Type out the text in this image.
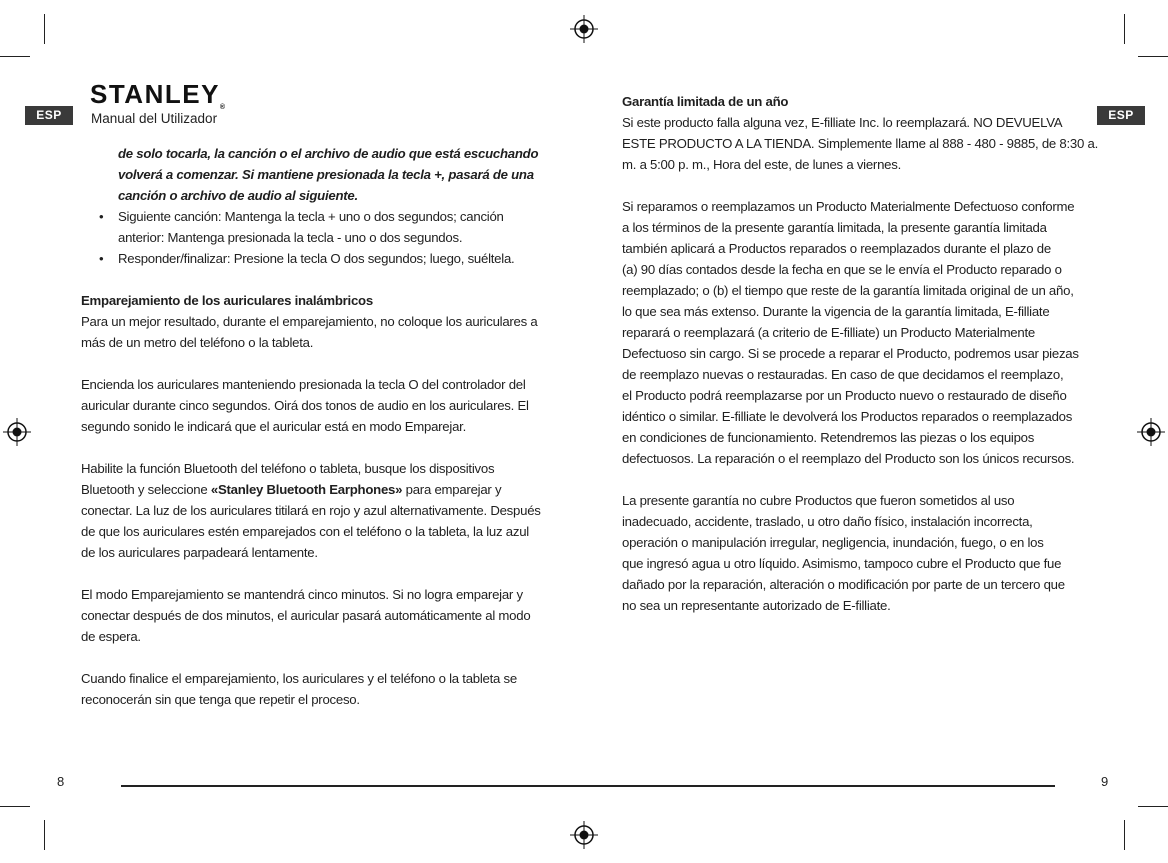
ESP	ESP
STANLEY®
Manual del Utilizador

de solo tocarla, la canción o el archivo de audio que está escuchando

volverá a comenzar. Si mantiene presionada la tecla +, pasará de una

canción o archivo de audio al siguiente.

• Siguiente canción: Mantenga la tecla + uno o dos segundos; canción

anterior: Mantenga presionada la tecla - uno o dos segundos.

• Responder/finalizar: Presione la tecla O dos segundos; luego, suéltela.

Emparejamiento de los auriculares inalámbricos

Para un mejor resultado, durante el emparejamiento, no coloque los auriculares a

más de un metro del teléfono o la tableta.

Encienda los auriculares manteniendo presionada la tecla O del controlador del

auricular durante cinco segundos. Oirá dos tonos de audio en los auriculares. El

segundo sonido le indicará que el auricular está en modo Emparejar.

Habilite la función Bluetooth del teléfono o tableta, busque los dispositivos

Bluetooth y seleccione «Stanley Bluetooth Earphones» para emparejar y

conectar. La luz de los auriculares titilará en rojo y azul alternativamente. Después

de que los auriculares estén emparejados con el teléfono o la tableta, la luz azul

de los auriculares parpadeará lentamente.

El modo Emparejamiento se mantendrá cinco minutos. Si no logra emparejar y

conectar después de dos minutos, el auricular pasará automáticamente al modo

de espera.

Cuando finalice el emparejamiento, los auriculares y el teléfono o la tableta se

reconocerán sin que tenga que repetir el proceso.

Garantía limitada de un año

Si este producto falla alguna vez, E-filliate Inc. lo reemplazará. NO DEVUELVA

ESTE PRODUCTO A LA TIENDA. Simplemente llame al 888 - 480 - 9885, de 8:30 a.

m. a 5:00 p. m., Hora del este, de lunes a viernes.

Si reparamos o reemplazamos un Producto Materialmente Defectuoso conforme

a los términos de la presente garantía limitada, la presente garantía limitada

también aplicará a Productos reparados o reemplazados durante el plazo de

(a) 90 días contados desde la fecha en que se le envía el Producto reparado o

reemplazado; o (b) el tiempo que reste de la garantía limitada original de un año,

lo que sea más extenso. Durante la vigencia de la garantía limitada, E-filliate

reparará o reemplazará (a criterio de E-filliate) un Producto Materialmente

Defectuoso sin cargo. Si se procede a reparar el Producto, podremos usar piezas

de reemplazo nuevas o restauradas. En caso de que decidamos el reemplazo,

el Producto podrá reemplazarse por un Producto nuevo o restaurado de diseño

idéntico o similar. E-filliate le devolverá los Productos reparados o reemplazados

en condiciones de funcionamiento. Retendremos las piezas o los equipos

defectuosos. La reparación o el reemplazo del Producto son los únicos recursos.

La presente garantía no cubre Productos que fueron sometidos al uso

inadecuado, accidente, traslado, u otro daño físico, instalación incorrecta,

operación o manipulación irregular, negligencia, inundación, fuego, o en los

que ingresó agua u otro líquido. Asimismo, tampoco cubre el Producto que fue

dañado por la reparación, alteración o modificación por parte de un tercero que

no sea un representante autorizado de E-filliate.

8	9
